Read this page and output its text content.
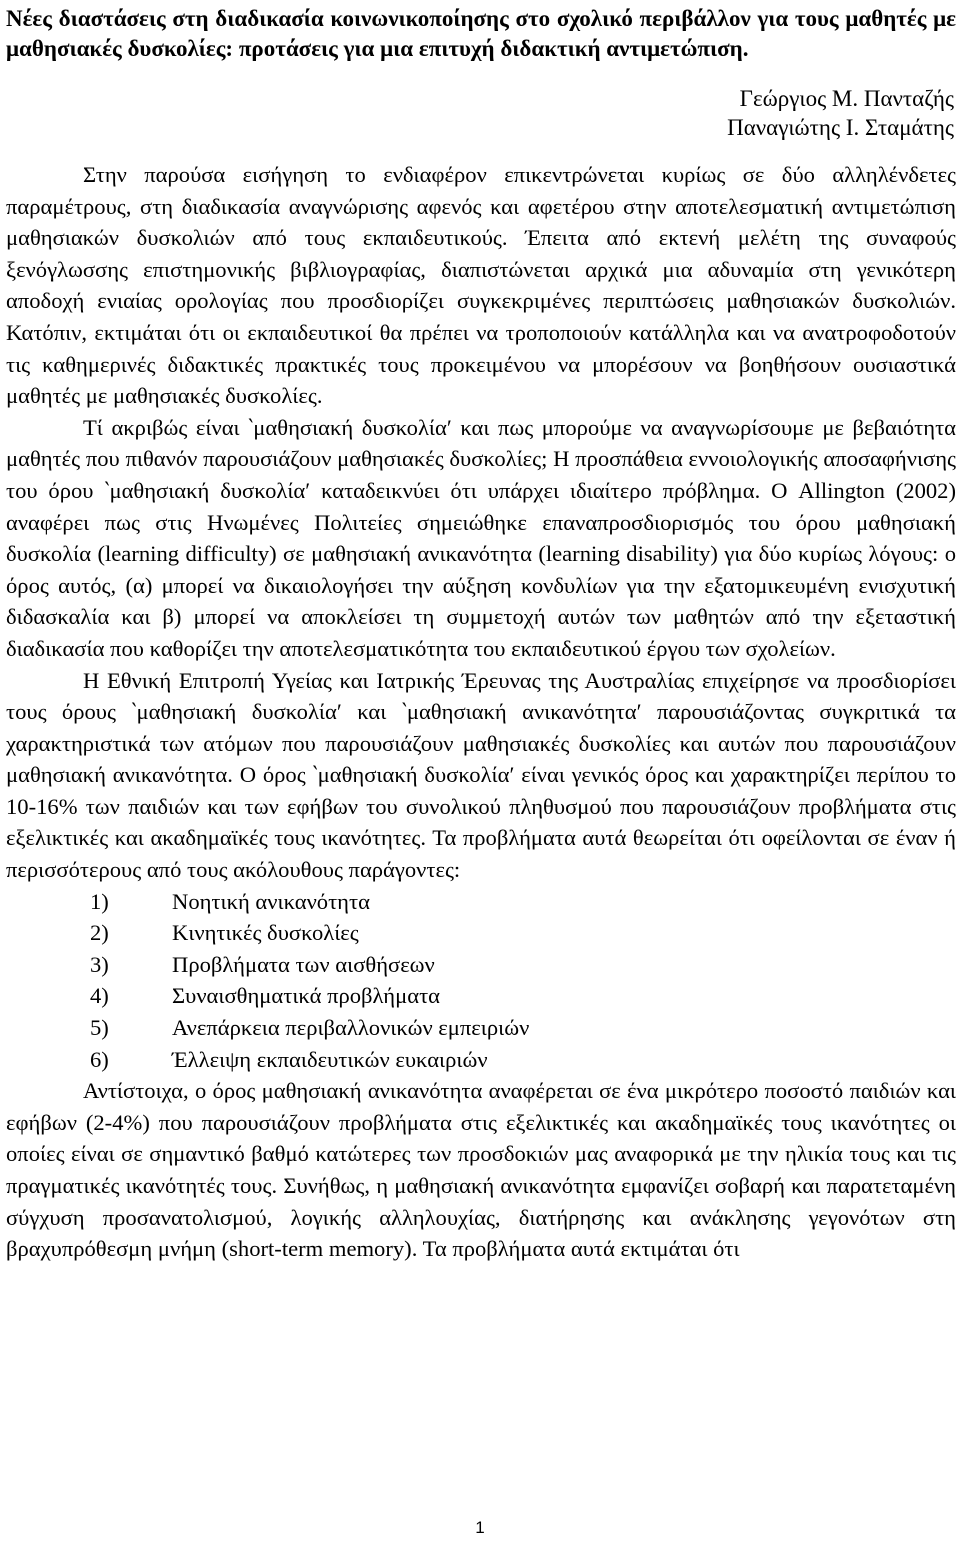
Νέες διαστάσεις στη διαδικασία κοινωνικοποίησης στο σχολικό περιβάλλον για τους μαθητές με μαθησιακές δυσκολίες: προτάσεις για μια επιτυχή διδακτική αντιμετώπιση.
Γεώργιος Μ. Πανταζής
Παναγιώτης Ι. Σταμάτης

Στην παρούσα εισήγηση το ενδιαφέρον επικεντρώνεται κυρίως σε δύο αλληλένδετες παραμέτρους, στη διαδικασία αναγνώρισης αφενός και αφετέρου στην αποτελεσματική αντιμετώπιση μαθησιακών δυσκολιών από τους εκπαιδευτικούς. Έπειτα από εκτενή μελέτη της συναφούς ξενόγλωσσης επιστημονικής βιβλιογραφίας, διαπιστώνεται αρχικά μια αδυναμία στη γενικότερη αποδοχή ενιαίας ορολογίας που προσδιορίζει συγκεκριμένες περιπτώσεις μαθησιακών δυσκολιών. Κατόπιν, εκτιμάται ότι οι εκπαιδευτικοί θα πρέπει να τροποποιούν κατάλληλα και να ανατροφοδοτούν τις καθημερινές διδακτικές πρακτικές τους προκειμένου να μπορέσουν να βοηθήσουν ουσιαστικά μαθητές με μαθησιακές δυσκολίες.

Τί ακριβώς είναι ‵μαθησιακή δυσκολία′ και πως μπορούμε να αναγνωρίσουμε με βεβαιότητα μαθητές που πιθανόν παρουσιάζουν μαθησιακές δυσκολίες; Η προσπάθεια εννοιολογικής αποσαφήνισης του όρου ‵μαθησιακή δυσκολία′ καταδεικνύει ότι υπάρχει ιδιαίτερο πρόβλημα. Ο Allington (2002) αναφέρει πως στις Ηνωμένες Πολιτείες σημειώθηκε επαναπροσδιορισμός του όρου μαθησιακή δυσκολία (learning difficulty) σε μαθησιακή ανικανότητα (learning disability) για δύο κυρίως λόγους: ο όρος αυτός, (α) μπορεί να δικαιολογήσει την αύξηση κονδυλίων για την εξατομικευμένη ενισχυτική διδασκαλία και β) μπορεί να αποκλείσει τη συμμετοχή αυτών των μαθητών από την εξεταστική διαδικασία που καθορίζει την αποτελεσματικότητα του εκπαιδευτικού έργου των σχολείων.

Η Εθνική Επιτροπή Υγείας και Ιατρικής Έρευνας της Αυστραλίας επιχείρησε να προσδιορίσει τους όρους ‵μαθησιακή δυσκολία′ και ‵μαθησιακή ανικανότητα′ παρουσιάζοντας συγκριτικά τα χαρακτηριστικά των ατόμων που παρουσιάζουν μαθησιακές δυσκολίες και αυτών που παρουσιάζουν μαθησιακή ανικανότητα. Ο όρος ‵μαθησιακή δυσκολία′ είναι γενικός όρος και χαρακτηρίζει περίπου το 10-16% των παιδιών και των εφήβων του συνολικού πληθυσμού που παρουσιάζουν προβλήματα στις εξελικτικές και ακαδημαϊκές τους ικανότητες. Τα προβλήματα αυτά θεωρείται ότι οφείλονται σε έναν ή περισσότερους από τους ακόλουθους παράγοντες:

1)	Νοητική ανικανότητα
2)	Κινητικές δυσκολίες
3)	Προβλήματα των αισθήσεων
4)	Συναισθηματικά προβλήματα
5)	Ανεπάρκεια περιβαλλονικών εμπειριών
6)	Έλλειψη εκπαιδευτικών ευκαιριών

Αντίστοιχα, ο όρος μαθησιακή ανικανότητα αναφέρεται σε ένα μικρότερο ποσοστό παιδιών και εφήβων (2-4%) που παρουσιάζουν προβλήματα στις εξελικτικές και ακαδημαϊκές τους ικανότητες οι οποίες είναι σε σημαντικό βαθμό κατώτερες των προσδοκιών μας αναφορικά με την ηλικία τους και τις πραγματικές ικανότητές τους. Συνήθως, η μαθησιακή ανικανότητα εμφανίζει σοβαρή και παρατεταμένη σύγχυση προσανατολισμού, λογικής αλληλουχίας, διατήρησης και ανάκλησης γεγονότων στη βραχυπρόθεσμη μνήμη (short-term memory). Τα προβλήματα αυτά εκτιμάται ότι

1
